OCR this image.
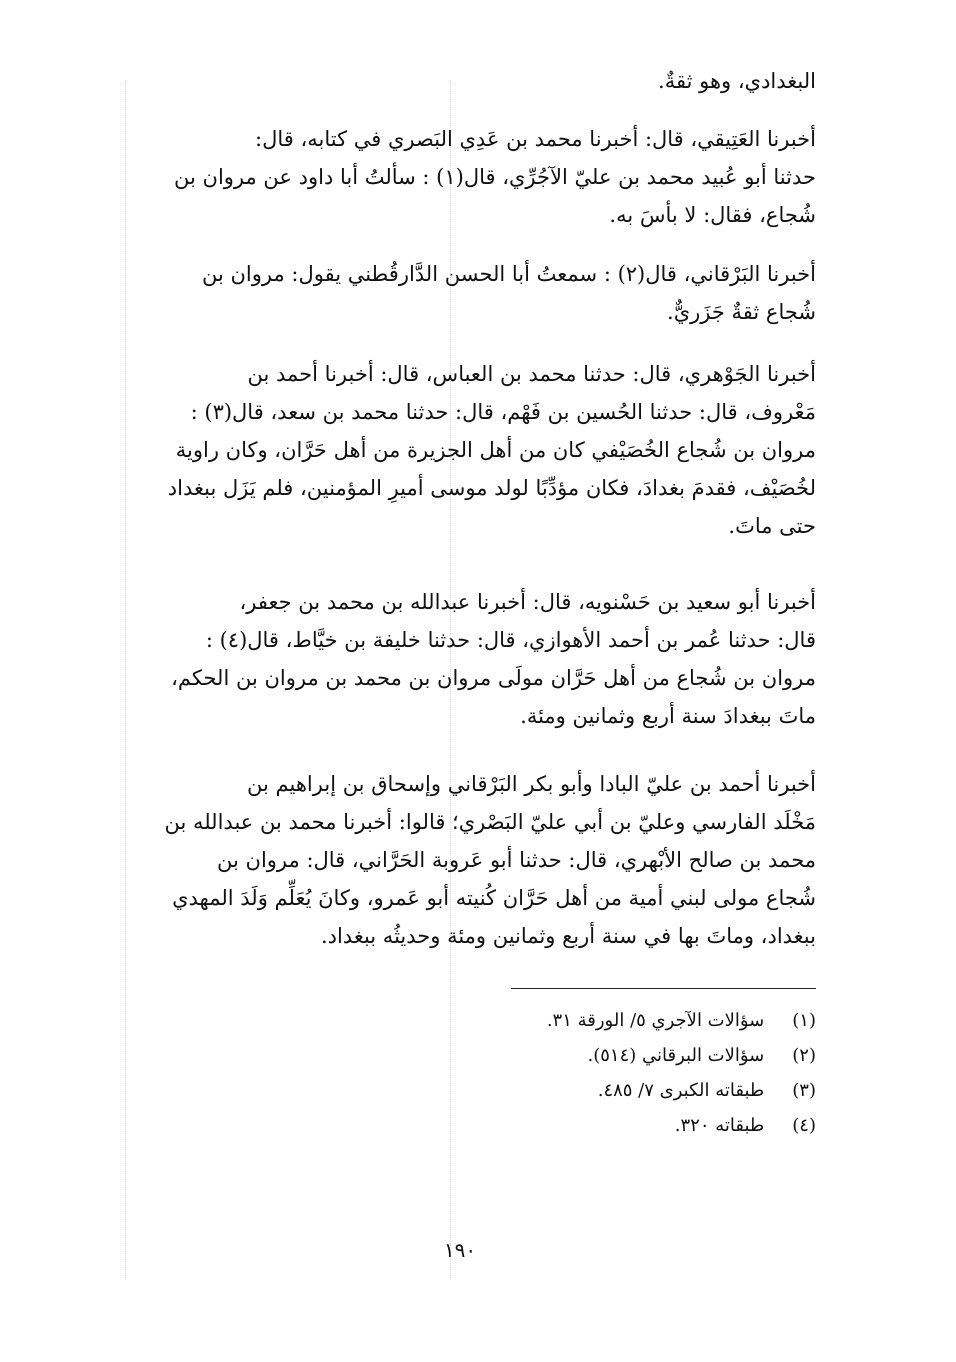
البغدادي، وهو ثقةٌ.
أخبرنا العَتِيقي، قال: أخبرنا محمد بن عَدِي البَصري في كتابه، قال:
حدثنا أبو عُبيد محمد بن عليّ الآجُرِّي، قال(١) : سألتُ أبا داود عن مروان بن
شُجاع، فقال: لا بأسَ به.
أخبرنا البَرْقاني، قال(٢) : سمعتُ أبا الحسن الدَّارقُطني يقول: مروان بن
شُجاع ثقةٌ جَزَريٌّ.
أخبرنا الجَوْهري، قال: حدثنا محمد بن العباس، قال: أخبرنا أحمد بن
مَعْروف، قال: حدثنا الحُسين بن فَهْم، قال: حدثنا محمد بن سعد، قال(٣) :
مروان بن شُجاع الخُصَيْفي كان من أهل الجزيرة من أهل حَرَّان، وكان راوية
لخُصَيْف، فقدمَ بغدادَ، فكان مؤدِّبًا لولد موسى أميرِ المؤمنين، فلم يَزَل ببغداد
حتى ماتَ.
أخبرنا أبو سعيد بن حَسْنويه، قال: أخبرنا عبدالله بن محمد بن جعفر،
قال: حدثنا عُمر بن أحمد الأهوازي، قال: حدثنا خليفة بن خيَّاط، قال(٤) :
مروان بن شُجاع من أهل حَرَّان مولَى مروان بن محمد بن مروان بن الحكم،
ماتَ ببغدادَ سنة أربع وثمانين ومئة.
أخبرنا أحمد بن عليّ البادا وأبو بكر البَرْقاني وإسحاق بن إبراهيم بن
مَخْلَد الفارسي وعليّ بن أبي عليّ البَصْري؛ قالوا: أخبرنا محمد بن عبدالله بن
محمد بن صالح الأبْهري، قال: حدثنا أبو عَروبة الحَرَّاني، قال: مروان بن
شُجاع مولى لبني أمية من أهل حَرَّان كُنيته أبو عَمرو، وكانَ يُعَلِّم وَلَدَ المهدي
ببغداد، وماتَ بها في سنة أربع وثمانين ومئة وحديثُه ببغداد.
(١) سؤالات الآجري ٥/ الورقة ٣١.
(٢) سؤالات البرقاني (٥١٤).
(٣) طبقاته الكبرى ٧/ ٤٨٥.
(٤) طبقاته ٣٢٠.
١٩٠
